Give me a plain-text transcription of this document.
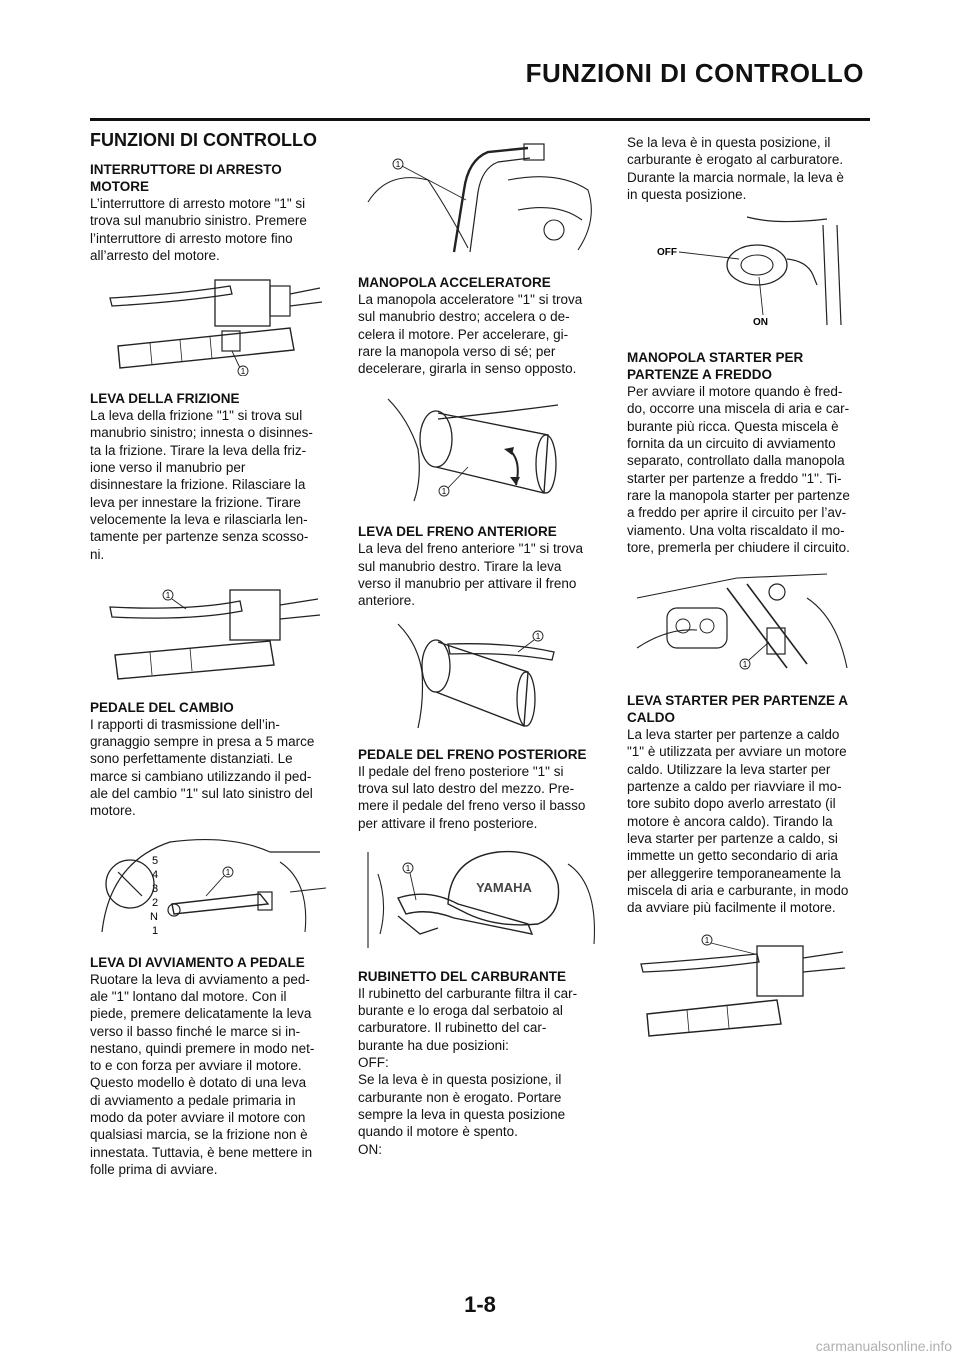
FUNZIONI DI CONTROLLO
FUNZIONI DI CONTROLLO

INTERRUTTORE DI ARRESTO MOTORE

L’interruttore di arresto motore "1" si
trova sul manubrio sinistro. Premere
l’interruttore di arresto motore fino
all’arresto del motore.

1

LEVA DELLA FRIZIONE

La leva della frizione "1" si trova sul
manubrio sinistro; innesta o disinnes-
ta la frizione. Tirare la leva della friz-
ione verso il manubrio per
disinnestare la frizione. Rilasciare la
leva per innestare la frizione. Tirare
velocemente la leva e rilasciarla len-
tamente per partenze senza scosso-
ni.

1

PEDALE DEL CAMBIO

I rapporti di trasmissione dell’in-
granaggio sempre in presa a 5 marce
sono perfettamente distanziati. Le
marce si cambiano utilizzando il ped-
ale del cambio "1" sul lato sinistro del
motore.

5
4
3
2
N
1
1

LEVA DI AVVIAMENTO A PEDALE

Ruotare la leva di avviamento a ped-
ale "1" lontano dal motore. Con il
piede, premere delicatamente la leva
verso il basso finché le marce si in-
nestano, quindi premere in modo net-
to e con forza per avviare il motore.
Questo modello è dotato di una leva
di avviamento a pedale primaria in
modo da poter avviare il motore con
qualsiasi marcia, se la frizione non è
innestata. Tuttavia, è bene mettere in
folle prima di avviare.

1

MANOPOLA ACCELERATORE

La manopola acceleratore "1" si trova
sul manubrio destro; accelera o de-
celera il motore. Per accelerare, gi-
rare la manopola verso di sé; per
decelerare, girarla in senso opposto.

1

LEVA DEL FRENO ANTERIORE

La leva del freno anteriore "1" si trova
sul manubrio destro. Tirare la leva
verso il manubrio per attivare il freno
anteriore.

1

PEDALE DEL FRENO POSTERIORE

Il pedale del freno posteriore "1" si
trova sul lato destro del mezzo. Pre-
mere il pedale del freno verso il basso
per attivare il freno posteriore.

YAMAHA
1

RUBINETTO DEL CARBURANTE

Il rubinetto del carburante filtra il car-
burante e lo eroga dal serbatoio al
carburatore. Il rubinetto del car-
burante ha due posizioni:
OFF:
Se la leva è in questa posizione, il
carburante non è erogato. Portare
sempre la leva in questa posizione
quando il motore è spento.
ON:

Se la leva è in questa posizione, il
carburante è erogato al carburatore.
Durante la marcia normale, la leva è
in questa posizione.

OFF
ON

MANOPOLA STARTER PER PARTENZE A FREDDO

Per avviare il motore quando è fred-
do, occorre una miscela di aria e car-
burante più ricca. Questa miscela è
fornita da un circuito di avviamento
separato, controllato dalla manopola
starter per partenze a freddo "1". Ti-
rare la manopola starter per partenze
a freddo per aprire il circuito per l’av-
viamento. Una volta riscaldato il mo-
tore, premerla per chiudere il circuito.

1

LEVA STARTER PER PARTENZE A CALDO

La leva starter per partenze a caldo
"1" è utilizzata per avviare un motore
caldo. Utilizzare la leva starter per
partenze a caldo per riavviare il mo-
tore subito dopo averlo arrestato (il
motore è ancora caldo). Tirando la
leva starter per partenze a caldo, si
immette un getto secondario di aria
per alleggerire temporaneamente la
miscela di aria e carburante, in modo
da avviare più facilmente il motore.

1
1-8
carmanualsonline.info
